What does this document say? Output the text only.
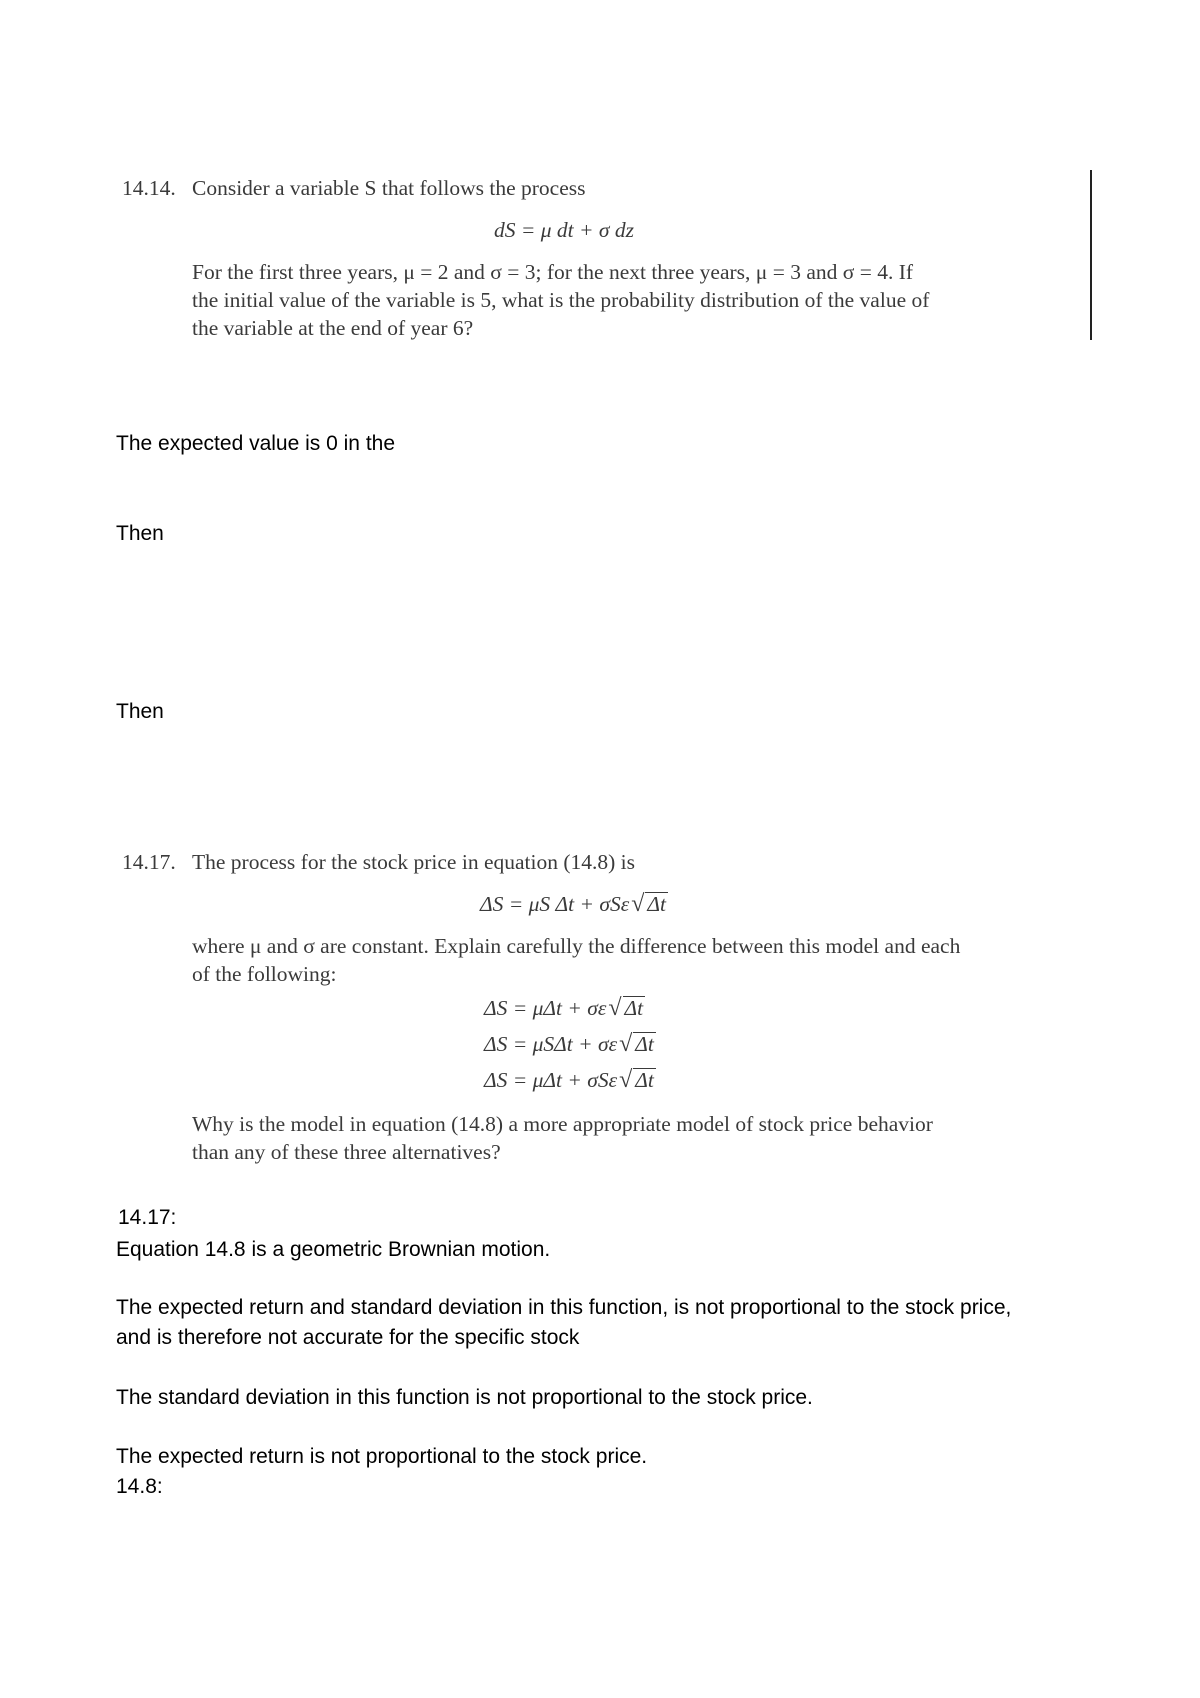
14.14. Consider a variable S that follows the process
dS = μ dt + σ dz
For the first three years, μ = 2 and σ = 3; for the next three years, μ = 3 and σ = 4. If
the initial value of the variable is 5, what is the probability distribution of the value of
the variable at the end of year 6?
The expected value is 0 in the
Then
Then
14.17. The process for the stock price in equation (14.8) is
ΔS = μS Δt + σSε√ Δt
where μ and σ are constant. Explain carefully the difference between this model and each
of the following:
ΔS = μΔt + σε√ Δt
ΔS = μSΔt + σε√ Δt
ΔS = μΔt + σSε√ Δt
Why is the model in equation (14.8) a more appropriate model of stock price behavior
than any of these three alternatives?
14.17:
Equation 14.8 is a geometric Brownian motion.
The expected return and standard deviation in this function, is not proportional to the stock price,
and is therefore not accurate for the specific stock
The standard deviation in this function is not proportional to the stock price.
The expected return is not proportional to the stock price.
14.8:
